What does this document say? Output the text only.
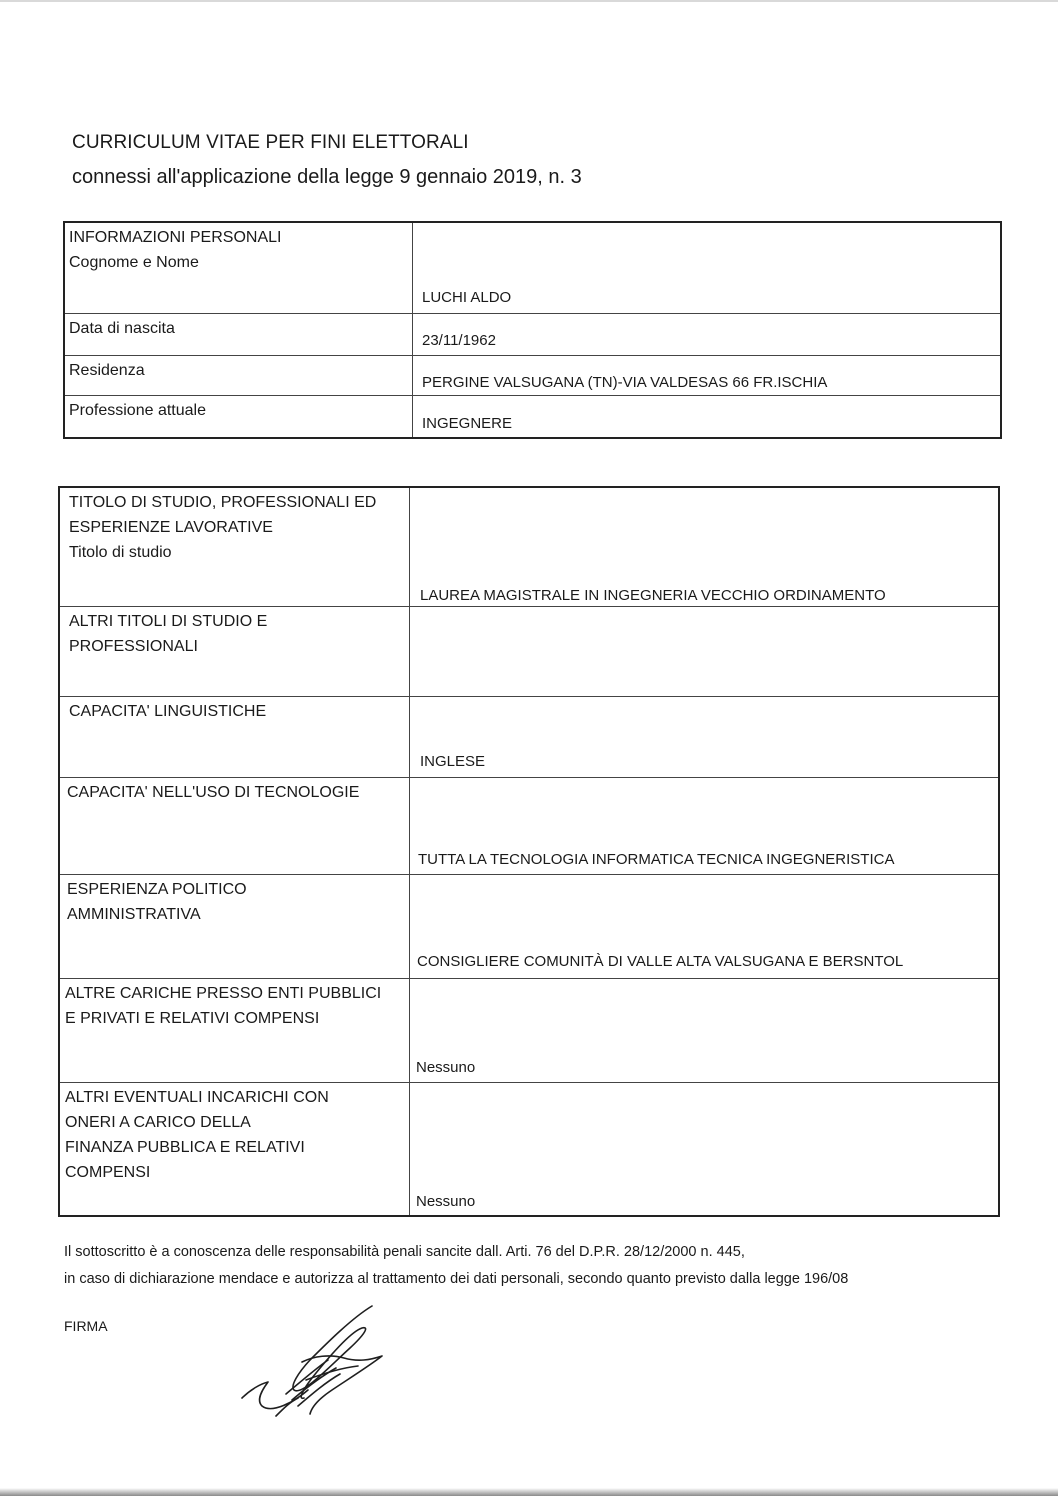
CURRICULUM VITAE PER FINI ELETTORALI
connessi all'applicazione della legge 9 gennaio 2019, n. 3
INFORMAZIONI PERSONALI
Cognome e Nome
LUCHI ALDO
Data di nascita
23/11/1962
Residenza
PERGINE VALSUGANA (TN)-VIA VALDESAS 66 FR.ISCHIA
Professione attuale
INGEGNERE
TITOLO DI STUDIO, PROFESSIONALI ED
ESPERIENZE LAVORATIVE
Titolo di studio
LAUREA MAGISTRALE IN INGEGNERIA VECCHIO ORDINAMENTO
ALTRI TITOLI DI STUDIO E
PROFESSIONALI
CAPACITA' LINGUISTICHE
INGLESE
CAPACITA' NELL'USO DI TECNOLOGIE
TUTTA LA TECNOLOGIA INFORMATICA TECNICA INGEGNERISTICA
ESPERIENZA POLITICO
AMMINISTRATIVA
CONSIGLIERE COMUNITÀ DI VALLE ALTA VALSUGANA E BERSNTOL
ALTRE CARICHE PRESSO ENTI PUBBLICI
E PRIVATI E RELATIVI COMPENSI
Nessuno
ALTRI EVENTUALI INCARICHI CON
ONERI A CARICO DELLA
FINANZA PUBBLICA E RELATIVI
COMPENSI
Nessuno
Il sottoscritto è a conoscenza delle responsabilità penali sancite dall. Arti. 76 del D.P.R. 28/12/2000 n. 445,
in caso di dichiarazione mendace e autorizza al trattamento dei dati personali, secondo quanto previsto dalla legge 196/08
FIRMA
